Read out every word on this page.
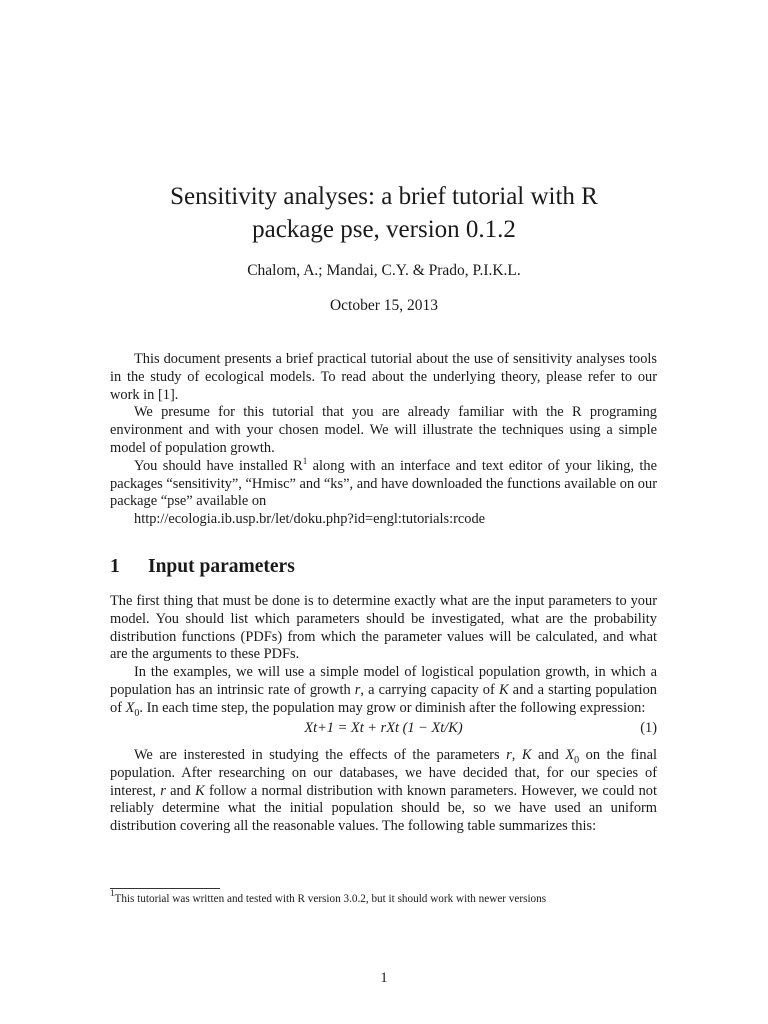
Sensitivity analyses: a brief tutorial with R
package pse, version 0.1.2
Chalom, A.; Mandai, C.Y. & Prado, P.I.K.L.
October 15, 2013

This document presents a brief practical tutorial about the use of sensitivity analyses tools in the study of ecological models. To read about the underlying theory, please refer to our work in [1].

We presume for this tutorial that you are already familiar with the R programing environment and with your chosen model. We will illustrate the techniques using a simple model of population growth.

You should have installed $R^1$ along with an interface and text editor of your liking, the packages “sensitivity”, “Hmisc” and “ks”, and have downloaded the functions available on our package “pse” available on

http://ecologia.ib.usp.br/let/doku.php?id=engl:tutorials:rcode

1 Input parameters

The first thing that must be done is to determine exactly what are the input parameters to your model. You should list which parameters should be investigated, what are the probability distribution functions (PDFs) from which the parameter values will be calculated, and what are the arguments to these PDFs.

In the examples, we will use a simple model of logistical population growth, in which a population has an intrinsic rate of growth r, a carrying capacity of K and a starting population of $X_0$. In each time step, the population may grow or diminish after the following expression:

Xt+1 = Xt + rXt (1 − Xt/K)	(1)

We are insterested in studying the effects of the parameters r, K and $X_0$ on the final population. After researching on our databases, we have decided that, for our species of interest, r and K follow a normal distribution with known parameters. However, we could not reliably determine what the initial population should be, so we have used an uniform distribution covering all the reasonable values. The following table summarizes this:

$^1$This tutorial was written and tested with R version 3.0.2, but it should work with newer versions
1
